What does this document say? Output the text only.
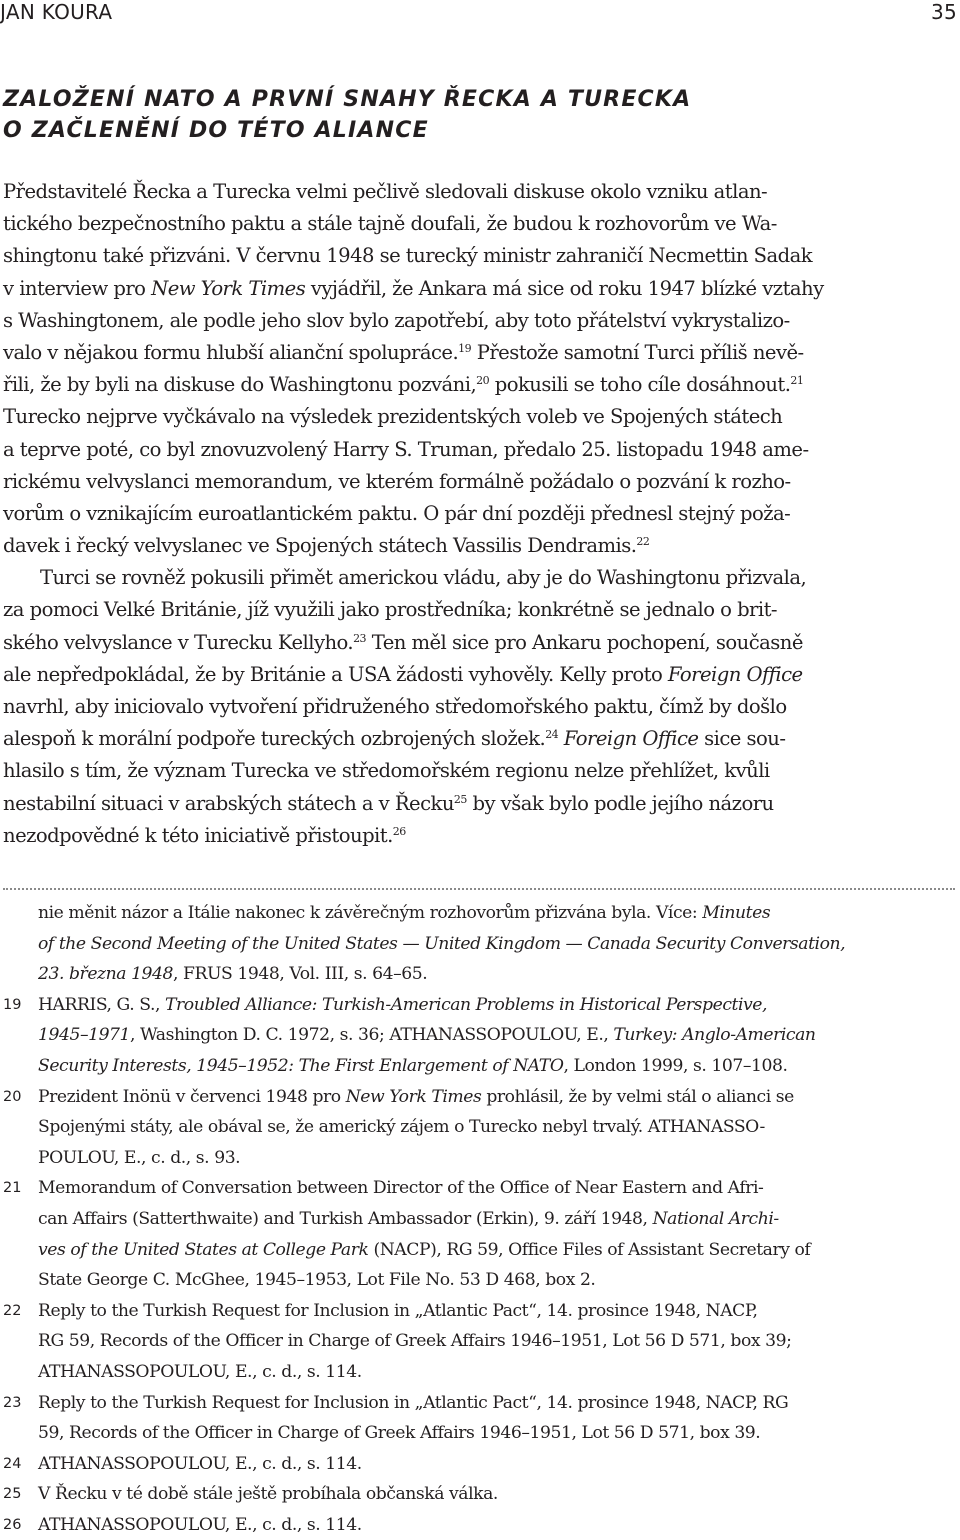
JAN KOURA	35
ZALOŽENÍ NATO A PRVNÍ SNAHY ŘECKA A TURECKA
O ZAČLENĚNÍ DO TÉTO ALIANCE
Představitelé Řecka a Turecka velmi pečlivě sledovali diskuse okolo vzniku atlan-
tického bezpečnostního paktu a stále tajně doufali, že budou k rozhovorům ve Wa-
shingtonu také přizváni. V červnu 1948 se turecký ministr zahraničí Necmettin Sadak
v interview pro New York Times vyjádřil, že Ankara má sice od roku 1947 blízké vztahy
s Washingtonem, ale podle jeho slov bylo zapotřebí, aby toto přátelství vykrystalizo-
valo v nějakou formu hlubší alianční spolupráce.$^{19}$ Přestože samotní Turci příliš nevě-
řili, že by byli na diskuse do Washingtonu pozváni,$^{20}$ pokusili se toho cíle dosáhnout.$^{21}$
Turecko nejprve vyčkávalo na výsledek prezidentských voleb ve Spojených státech
a teprve poté, co byl znovuzvolený Harry S. Truman, předalo 25. listopadu 1948 ame-
rickému velvyslanci memorandum, ve kterém formálně požádalo o pozvání k rozho-
vorům o vznikajícím euroatlantickém paktu. O pár dní později přednesl stejný poža-
davek i řecký velvyslanec ve Spojených státech Vassilis Dendramis.$^{22}$
Turci se rovněž pokusili přimět americkou vládu, aby je do Washingtonu přizvala,
za pomoci Velké Británie, jíž využili jako prostředníka; konkrétně se jednalo o brit-
ského velvyslance v Turecku Kellyho.$^{23}$ Ten měl sice pro Ankaru pochopení, současně
ale nepředpokládal, že by Británie a USA žádosti vyhověly. Kelly proto Foreign Office
navrhl, aby iniciovalo vytvoření přidruženého středomořského paktu, čímž by došlo
alespoň k morální podpoře tureckých ozbrojených složek.$^{24}$ Foreign Office sice sou-
hlasilo s tím, že význam Turecka ve středomořském regionu nelze přehlížet, kvůli
nestabilní situaci v arabských státech a v Řecku$^{25}$ by však bylo podle jejího názoru
nezodpovědné k této iniciativě přistoupit.$^{26}$
nie měnit názor a Itálie nakonec k závěrečným rozhovorům přizvána byla. Více: Minutes
of the Second Meeting of the United States — United Kingdom — Canada Security Conversation,
23. března 1948, FRUS 1948, Vol. III, s. 64–65.
19 HARRIS, G. S., Troubled Alliance: Turkish-American Problems in Historical Perspective,
1945–1971, Washington D. C. 1972, s. 36; ATHANASSOPOULOU, E., Turkey: Anglo-American
Security Interests, 1945–1952: The First Enlargement of NATO, London 1999, s. 107–108.
20 Prezident Inönü v červenci 1948 pro New York Times prohlásil, že by velmi stál o alianci se
Spojenými státy, ale obával se, že americký zájem o Turecko nebyl trvalý. ATHANASSO-
POULOU, E., c. d., s. 93.
21 Memorandum of Conversation between Director of the Office of Near Eastern and Afri-
can Affairs (Satterthwaite) and Turkish Ambassador (Erkin), 9. září 1948, National Archi-
ves of the United States at College Park (NACP), RG 59, Office Files of Assistant Secretary of
State George C. McGhee, 1945–1953, Lot File No. 53 D 468, box 2.
22 Reply to the Turkish Request for Inclusion in „Atlantic Pact“, 14. prosince 1948, NACP,
RG 59, Records of the Officer in Charge of Greek Affairs 1946–1951, Lot 56 D 571, box 39;
ATHANASSOPOULOU, E., c. d., s. 114.
23 Reply to the Turkish Request for Inclusion in „Atlantic Pact“, 14. prosince 1948, NACP, RG
59, Records of the Officer in Charge of Greek Affairs 1946–1951, Lot 56 D 571, box 39.
24 ATHANASSOPOULOU, E., c. d., s. 114.
25 V Řecku v té době stále ještě probíhala občanská válka.
26 ATHANASSOPOULOU, E., c. d., s. 114.
